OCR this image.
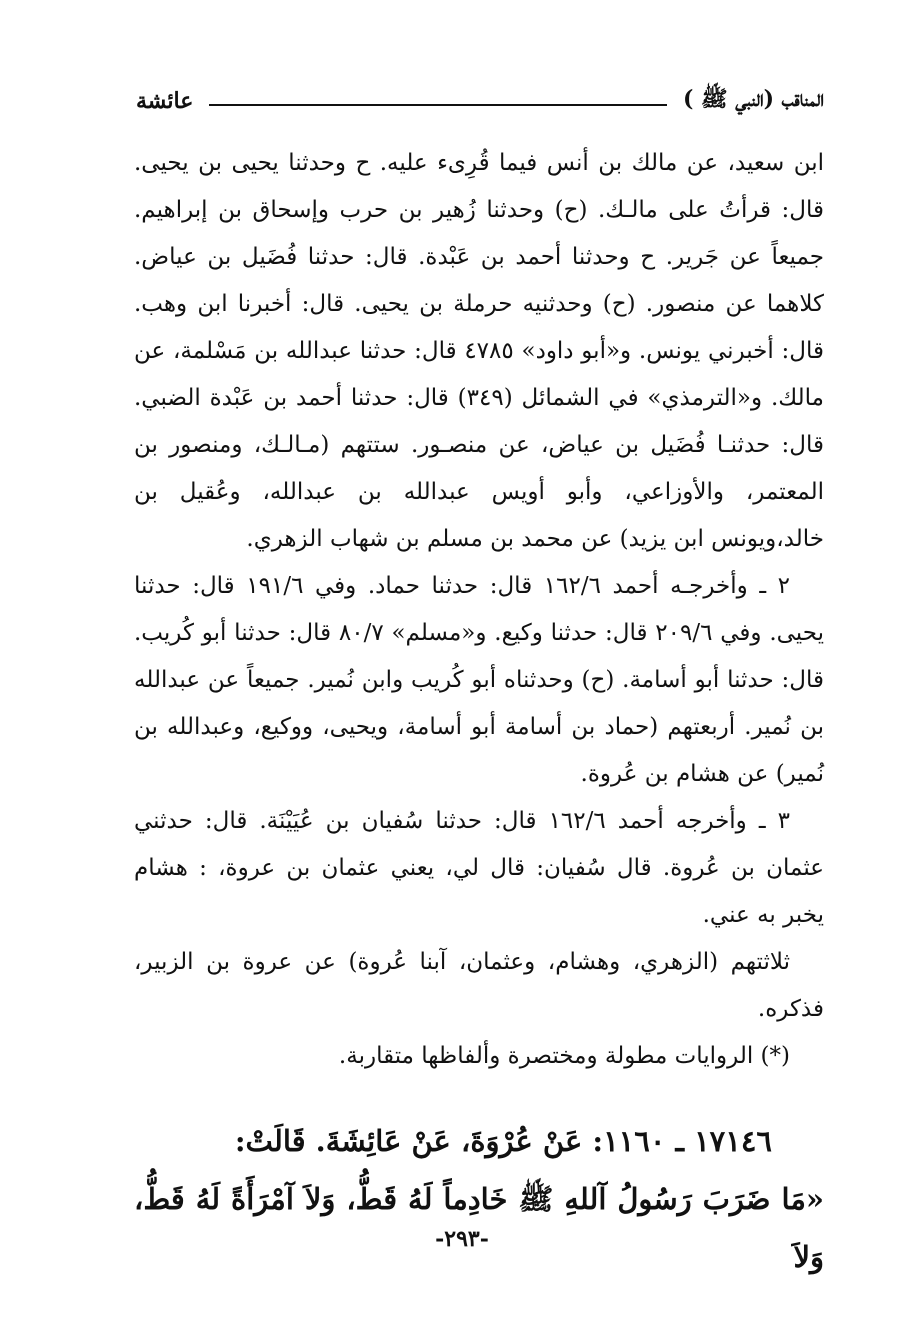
المناقب (النبي ﷺ )
عائشة

ابن سعيد، عن مالك بن أنس فيما قُرِىء عليه. ح وحدثنا يحيى بن يحيى. قال: قرأتُ على مالـك. (ح) وحدثنا زُهير بن حرب وإسحاق بن إبراهيم. جميعاً عن جَرير. ح وحدثنا أحمد بن عَبْدة. قال: حدثنا فُضَيل بن عياض. كلاهما عن منصور. (ح) وحدثنيه حرملة بن يحيى. قال: أخبرنا ابن وهب. قال: أخبرني يونس. و«أبو داود» ٤٧٨٥ قال: حدثنا عبدالله بن مَسْلمة، عن مالك. و«الترمذي» في الشمائل (٣٤٩) قال: حدثنا أحمد بن عَبْدة الضبي. قال: حدثنـا فُضَيل بن عياض، عن منصـور. ستتهم (مـالـك، ومنصور بن المعتمر، والأوزاعي، وأبو أويس عبدالله بن عبدالله، وعُقيل بن خالد،ويونس ابن يزيد) عن محمد بن مسلم بن شهاب الزهري.

٢ ـ وأخرجـه أحمد ١٦٢/٦ قال: حدثنا حماد. وفي ١٩١/٦ قال: حدثنا يحيى. وفي ٢٠٩/٦ قال: حدثنا وكيع. و«مسلم» ٨٠/٧ قال: حدثنا أبو كُريب. قال: حدثنا أبو أسامة. (ح) وحدثناه أبو كُريب وابن نُمير. جميعاً عن عبدالله بن نُمير. أربعتهم (حماد بن أسامة أبو أسامة، ويحيى، ووكيع، وعبدالله بن نُمير) عن هشام بن عُروة.

٣ ـ وأخرجه أحمد ١٦٢/٦ قال: حدثنا سُفيان بن عُيَيْنَة. قال: حدثني عثمان بن عُروة. قال سُفيان: قال لي، يعني عثمان بن عروة، : هشام يخبر به عني.

ثلاثتهم (الزهري، وهشام، وعثمان، آبنا عُروة) عن عروة بن الزبير، فذكره.

(*) الروايات مطولة ومختصرة وألفاظها متقاربة.

١٧١٤٦ ـ ١١٦٠: عَنْ عُرْوَةَ، عَنْ عَائِشَةَ. قَالَتْ:

«مَا ضَرَبَ رَسُولُ آللهِ ﷺ خَادِماً لَهُ قَطُّ، وَلاَ آمْرَأَةً لَهُ قَطُّ، وَلاَ

-٢٩٣-
